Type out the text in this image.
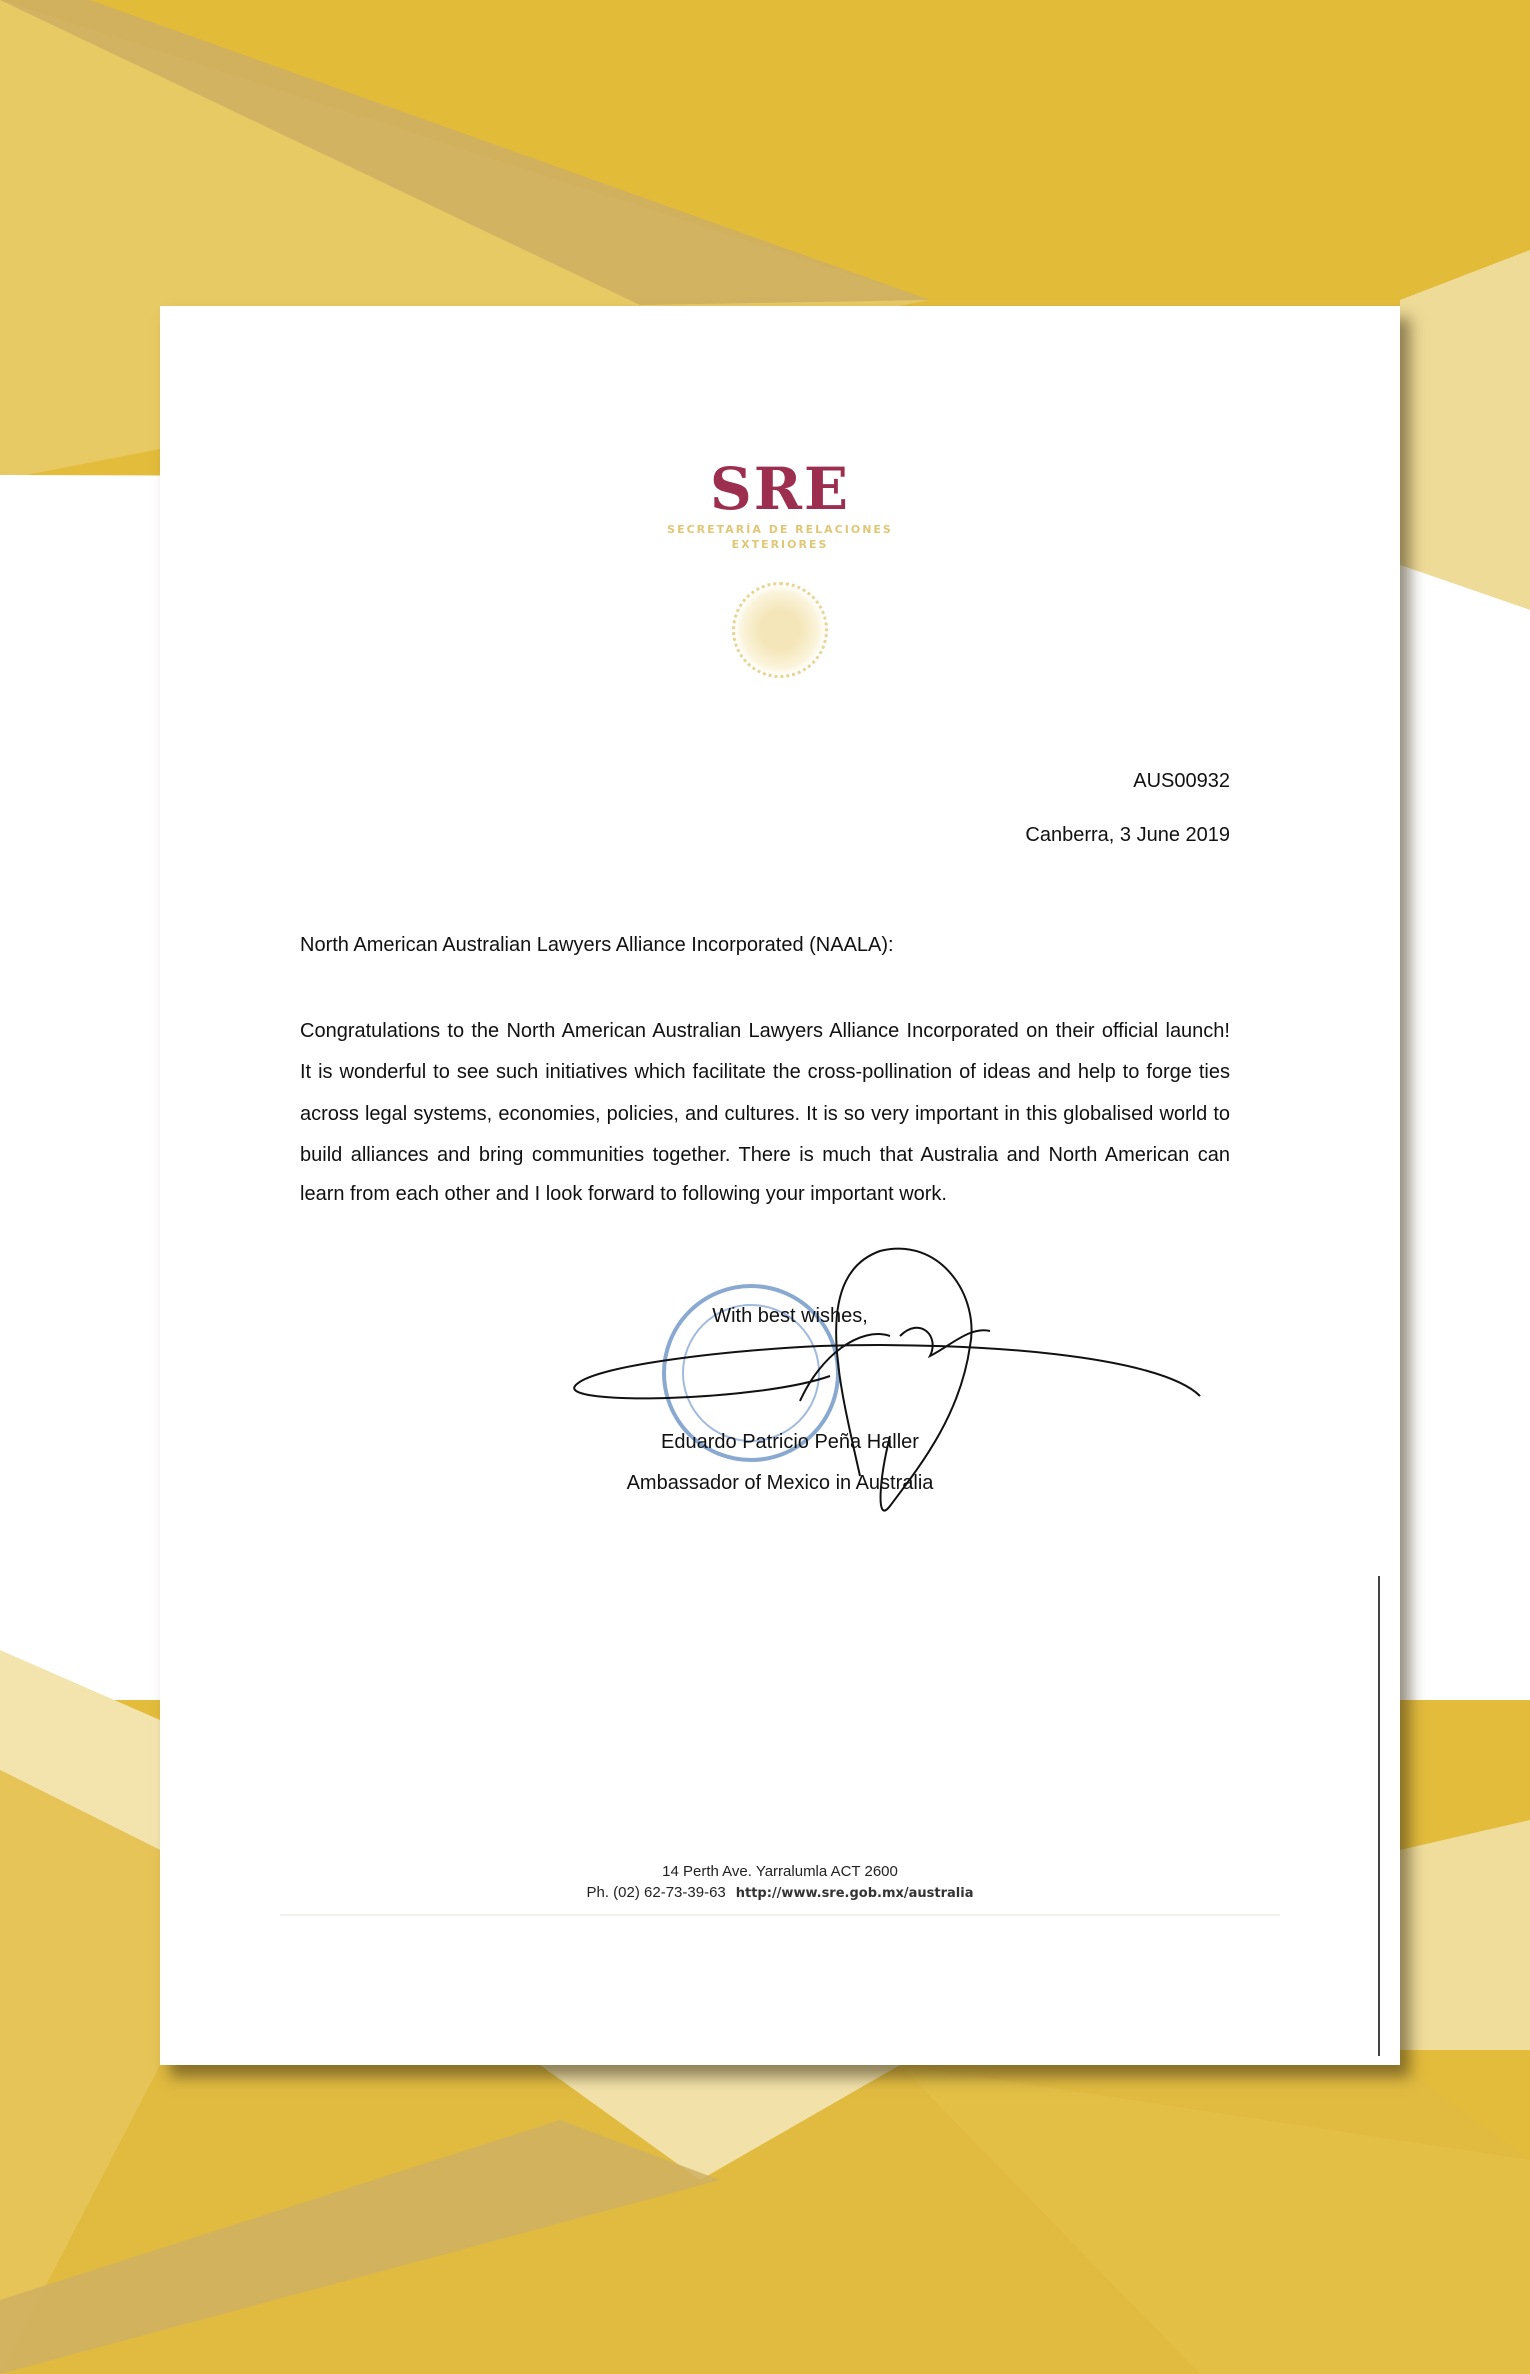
SRE
SECRETARÍA DE RELACIONES
EXTERIORES
AUS00932
Canberra, 3 June 2019
North American Australian Lawyers Alliance Incorporated (NAALA):
Congratulations to the North American Australian Lawyers Alliance Incorporated on their official launch!
It is wonderful to see such initiatives which facilitate the cross-pollination of ideas and help to forge ties
across legal systems, economies, policies, and cultures. It is so very important in this globalised world to
build alliances and bring communities together. There is much that Australia and North American can
learn from each other and I look forward to following your important work.
With best wishes,
Eduardo Patricio Peña Haller
Ambassador of Mexico in Australia
14 Perth Ave. Yarralumla ACT 2600
Ph. (02) 62-73-39-63 http://www.sre.gob.mx/australia
